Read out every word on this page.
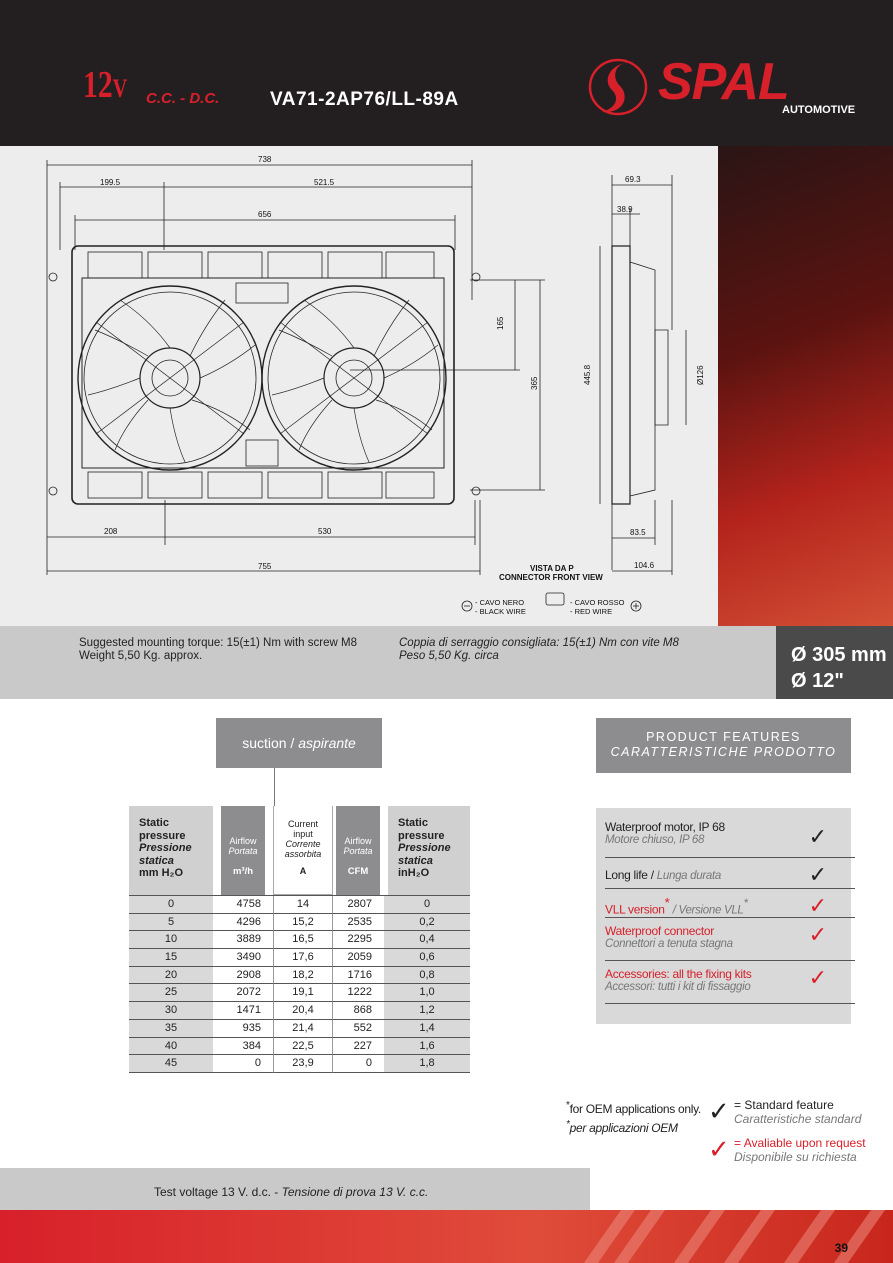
12V C.C. - D.C.	VA71-2AP76/LL-89A	SPAL
AUTOMOTIVE
738
199.5	521.5
656
208	530
755
69.3
38.9
83.5
104.6
165
365	445.8	Ø126
VISTA DA P
CONNECTOR FRONT VIEW
- CAVO NERO
- BLACK WIRE
- CAVO ROSSO
- RED WIRE
Suggested mounting torque: 15(±1) Nm with screw M8
Weight 5,50 Kg. approx.
Coppia di serraggio consigliata: 15(±1) Nm con vite M8
Peso 5,50 Kg. circa	Ø 305 mm
Ø 12"
suction / aspirante
Static
pressure
Pressione
statica
mm H₂O
Airflow
Portata
m³/h
Current
input
Corrente
assorbita
A
Airflow
Portata
CFM
Static
pressure
Pressione
statica
inH₂O
0	4758	14	2807	0
5	4296	15,2	2535	0,2
10	3889	16,5	2295	0,4
15	3490	17,6	2059	0,6
20	2908	18,2	1716	0,8
25	2072	19,1	1222	1,0
30	1471	20,4	868	1,2
35	935	21,4	552	1,4
40	384	22,5	227	1,6
45	0	23,9	0	1,8
PRODUCT FEATURES
CARATTERISTICHE PRODOTTO
Waterproof motor, IP 68
Motore chiuso, IP 68	✓
Long life / Lunga durata	✓
VLL version* / Versione VLL*	✓
Waterproof connector
Connettori a tenuta stagna	✓
Accessories: all the fixing kits
Accessori: tutti i kit di fissaggio	✓
*for OEM applications only.
*per applicazioni OEM
✓ = Standard feature
Caratteristiche standard
✓ = Avaliable upon request
Disponibile su richiesta
Test voltage 13 V. d.c. - Tensione di prova 13 V. c.c.
39
